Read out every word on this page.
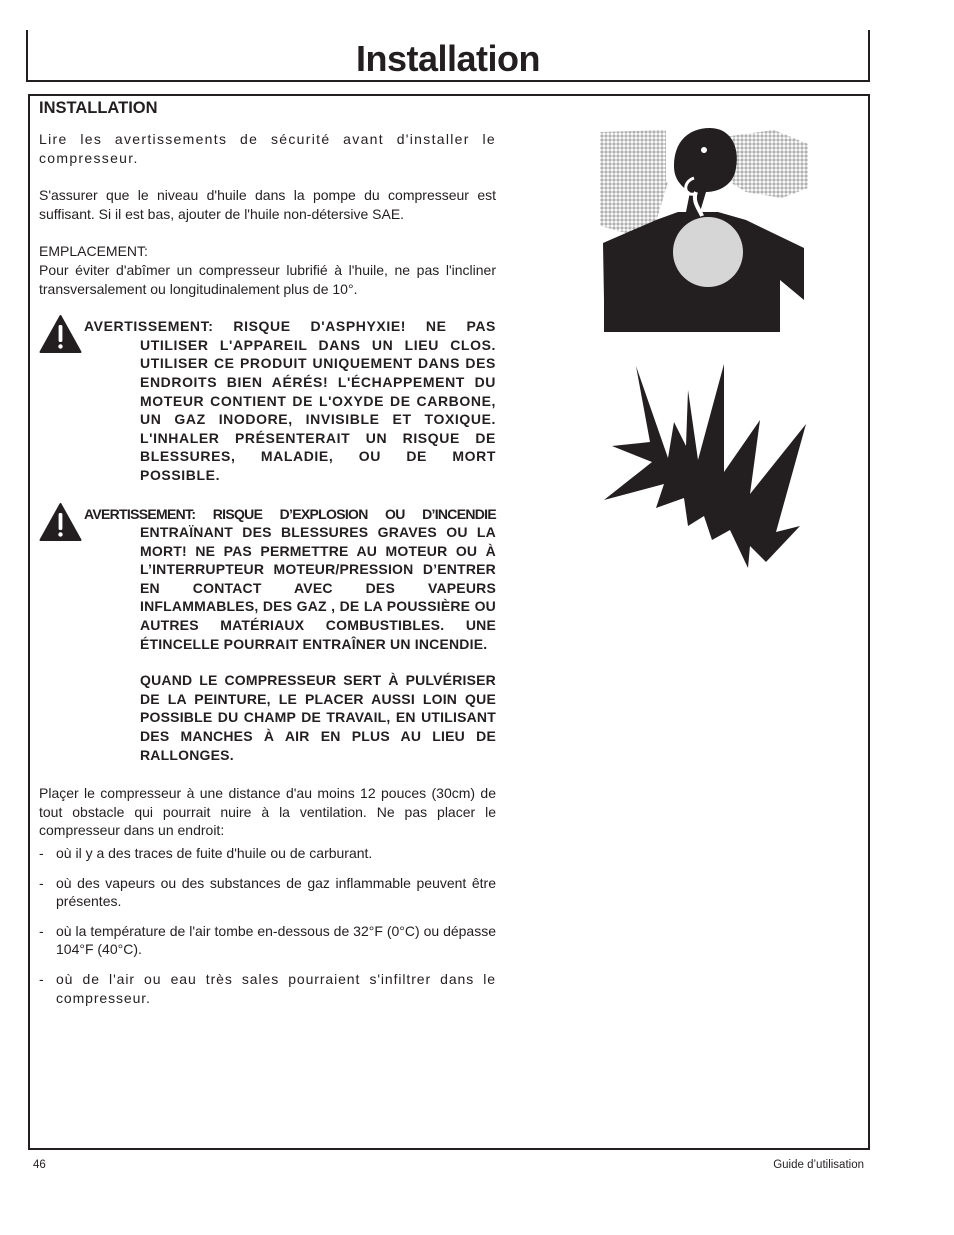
Installation
INSTALLATION

Lire les avertissements de sécurité avant d'installer le compresseur.

S'assurer que le niveau d'huile dans la pompe du compresseur est suffisant. Si il est bas, ajouter de l'huile non-détersive SAE.

EMPLACEMENT:
Pour éviter d'abîmer un compresseur lubrifié à l'huile, ne pas l'incliner transversalement ou longitudinalement plus de 10°.

AVERTISSEMENT: RISQUE D'ASPHYXIE! NE PAS
UTILISER L'APPAREIL DANS UN LIEU CLOS. UTILISER CE PRODUIT UNIQUEMENT DANS DES ENDROITS BIEN AÉRÉS! L'ÉCHAPPEMENT DU MOTEUR CONTIENT DE L'OXYDE DE CARBONE, UN GAZ INODORE, INVISIBLE ET TOXIQUE. L'INHALER PRÉSENTERAIT UN RISQUE DE BLESSURES, MALADIE, OU DE MORT POSSIBLE.
AVERTISSEMENT: RISQUE D’EXPLOSION OU D’INCENDIE
ENTRAÏNANT DES BLESSURES GRAVES OU LA MORT! NE PAS PERMETTRE AU MOTEUR OU À L’INTERRUPTEUR MOTEUR/PRESSION D’ENTRER EN CONTACT AVEC DES VAPEURS INFLAMMABLES, DES GAZ , DE LA POUSSIÈRE OU AUTRES MATÉRIAUX COMBUSTIBLES. UNE ÉTINCELLE POURRAIT ENTRAÎNER UN INCENDIE.
QUAND LE COMPRESSEUR SERT À PULVÉRISER DE LA PEINTURE, LE PLACER AUSSI LOIN QUE POSSIBLE DU CHAMP DE TRAVAIL, EN UTILISANT DES MANCHES À AIR EN PLUS AU LIEU DE RALLONGES.

Plaçer le compresseur à une distance d'au moins 12 pouces (30cm) de tout obstacle qui pourrait nuire à la ventilation. Ne pas placer le compresseur dans un endroit:

- où il y a des traces de fuite d'huile ou de carburant.
- où des vapeurs ou des substances de gaz inflammable peuvent être présentes.
- où la température de l'air tombe en-dessous de 32°F (0°C) ou dépasse 104°F (40°C).
- où de l'air ou eau très sales pourraient s'infiltrer dans le compresseur.
46	Guide d’utilisation
